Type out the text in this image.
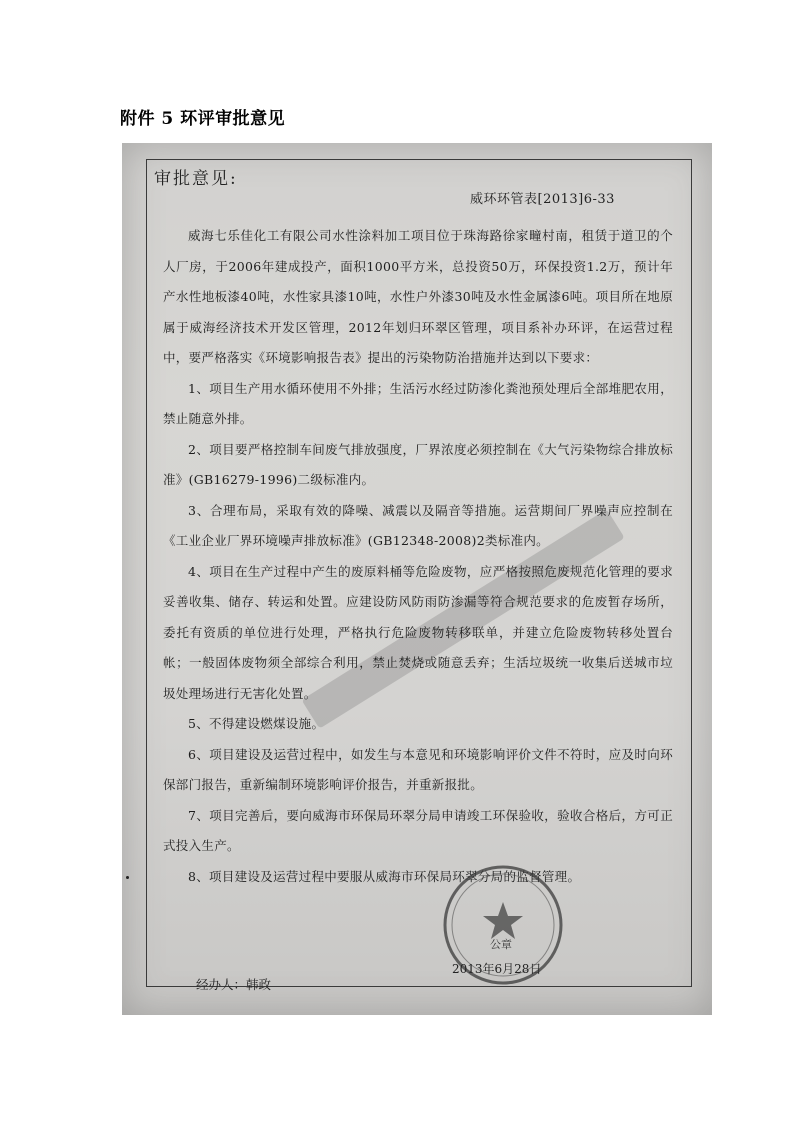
附件 5 环评审批意见
审批意见:
威环环管表[2013]6-33

威海七乐佳化工有限公司水性涂料加工项目位于珠海路徐家疃村南，租赁于道卫的个人厂房，于2006年建成投产，面积1000平方米，总投资50万，环保投资1.2万，预计年产水性地板漆40吨，水性家具漆10吨，水性户外漆30吨及水性金属漆6吨。项目所在地原属于威海经济技术开发区管理，2012年划归环翠区管理，项目系补办环评，在运营过程中，要严格落实《环境影响报告表》提出的污染物防治措施并达到以下要求：

1、项目生产用水循环使用不外排；生活污水经过防渗化粪池预处理后全部堆肥农用，禁止随意外排。

2、项目要严格控制车间废气排放强度，厂界浓度必须控制在《大气污染物综合排放标准》(GB16279-1996)二级标准内。

3、合理布局，采取有效的降噪、减震以及隔音等措施。运营期间厂界噪声应控制在《工业企业厂界环境噪声排放标准》(GB12348-2008)2类标准内。

4、项目在生产过程中产生的废原料桶等危险废物，应严格按照危废规范化管理的要求妥善收集、储存、转运和处置。应建设防风防雨防渗漏等符合规范要求的危废暂存场所，委托有资质的单位进行处理，严格执行危险废物转移联单，并建立危险废物转移处置台帐；一般固体废物须全部综合利用，禁止焚烧或随意丢弃；生活垃圾统一收集后送城市垃圾处理场进行无害化处置。

5、不得建设燃煤设施。

6、项目建设及运营过程中，如发生与本意见和环境影响评价文件不符时，应及时向环保部门报告，重新编制环境影响评价报告，并重新报批。

7、项目完善后，要向威海市环保局环翠分局申请竣工环保验收，验收合格后，方可正式投入生产。

8、项目建设及运营过程中要服从威海市环保局环翠分局的监督管理。

公章
2013年6月28日
经办人：韩政
